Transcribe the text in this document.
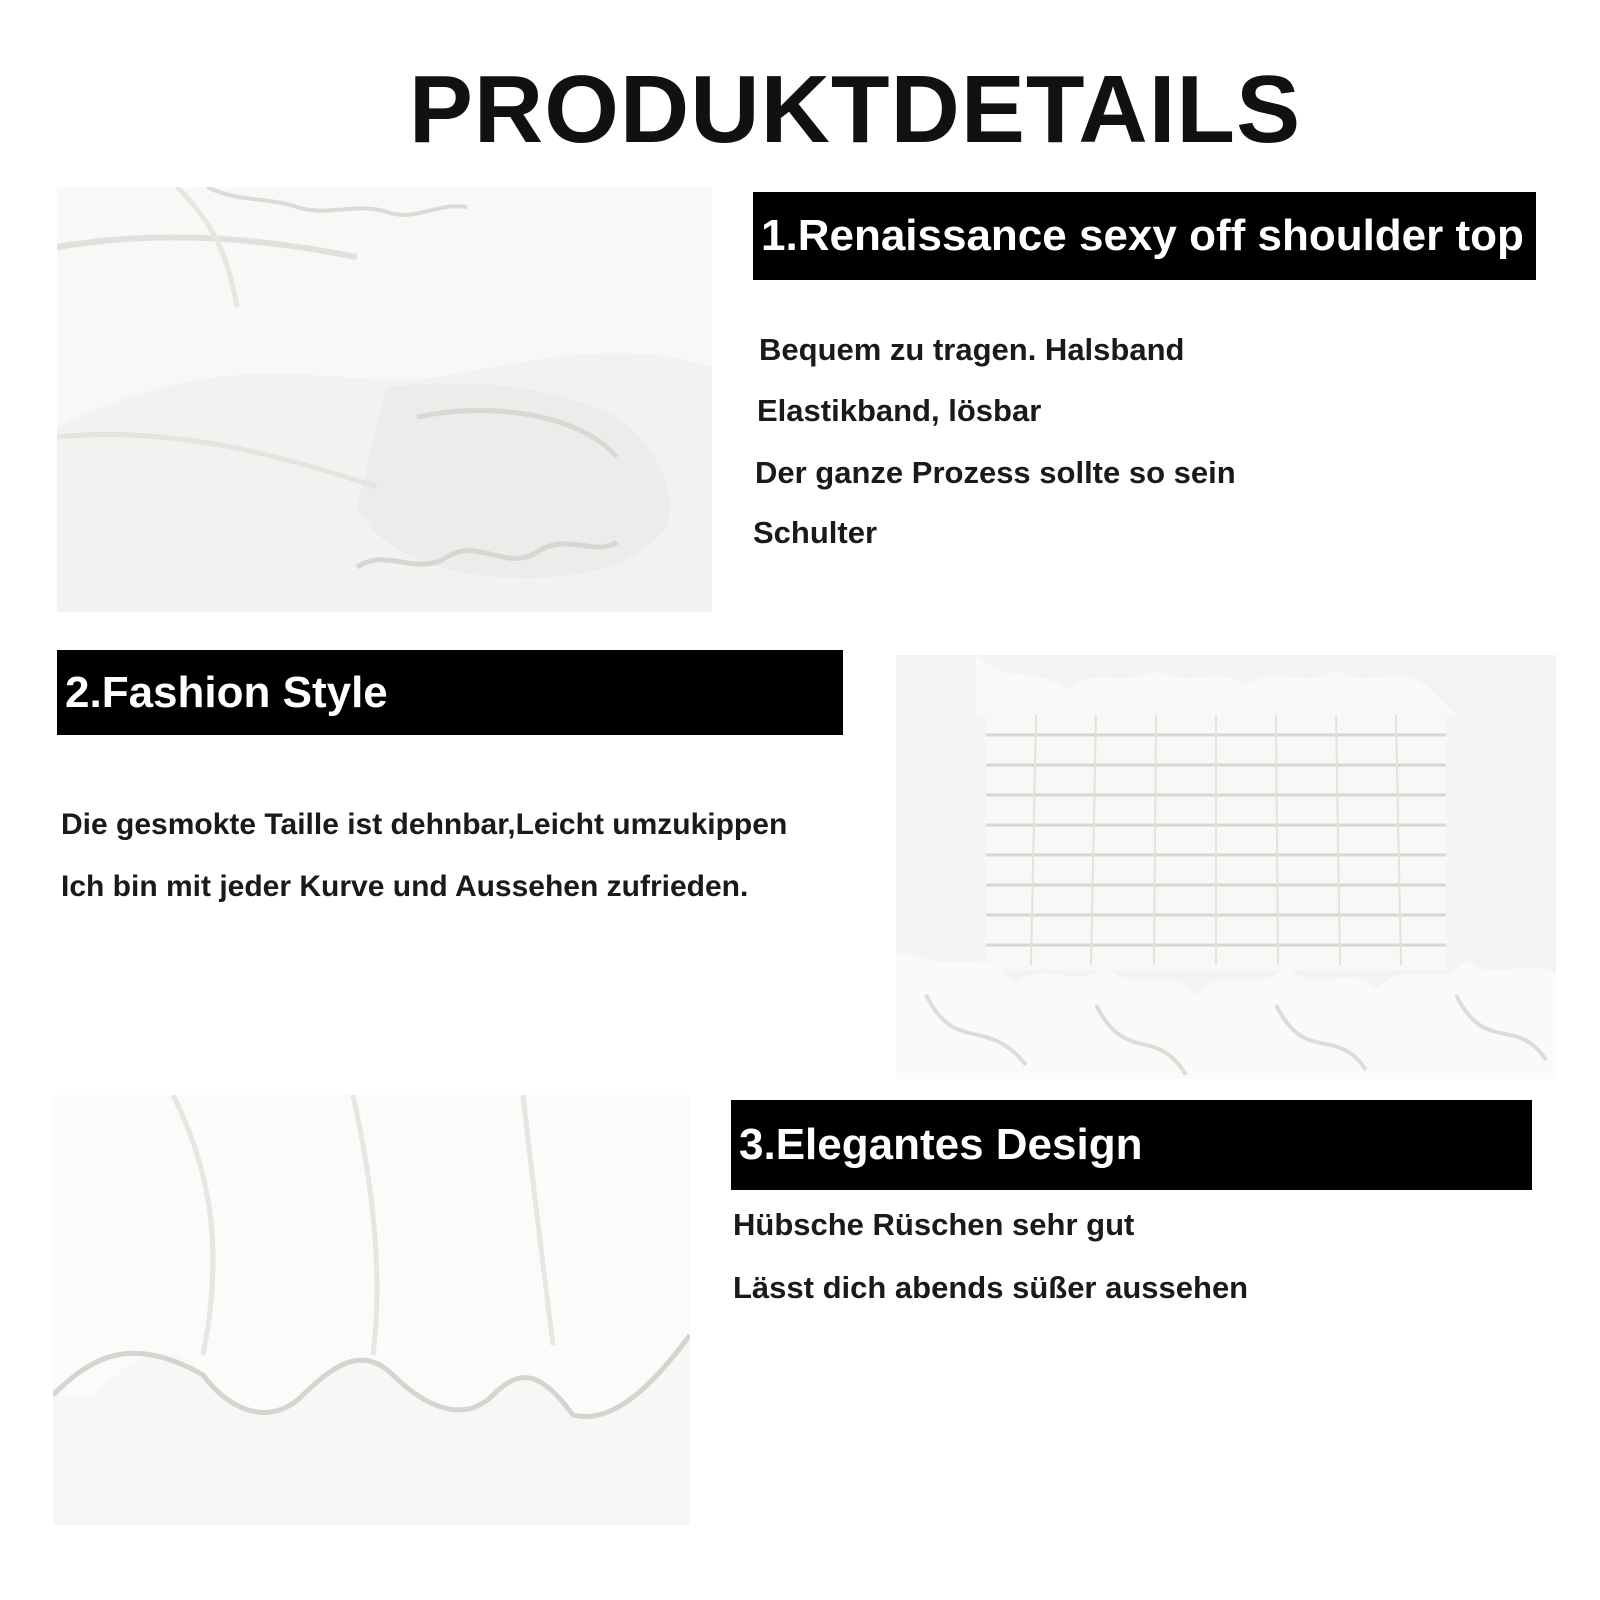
PRODUKTDETAILS
1.Renaissance sexy off shoulder top
Bequem zu tragen. Halsband
Elastikband, lösbar
Der ganze Prozess sollte so sein
Schulter
2.Fashion Style
Die gesmokte Taille ist dehnbar,Leicht umzukippen
Ich bin mit jeder Kurve und Aussehen zufrieden.
3.Elegantes Design
Hübsche Rüschen sehr gut
Lässt dich abends süßer aussehen
